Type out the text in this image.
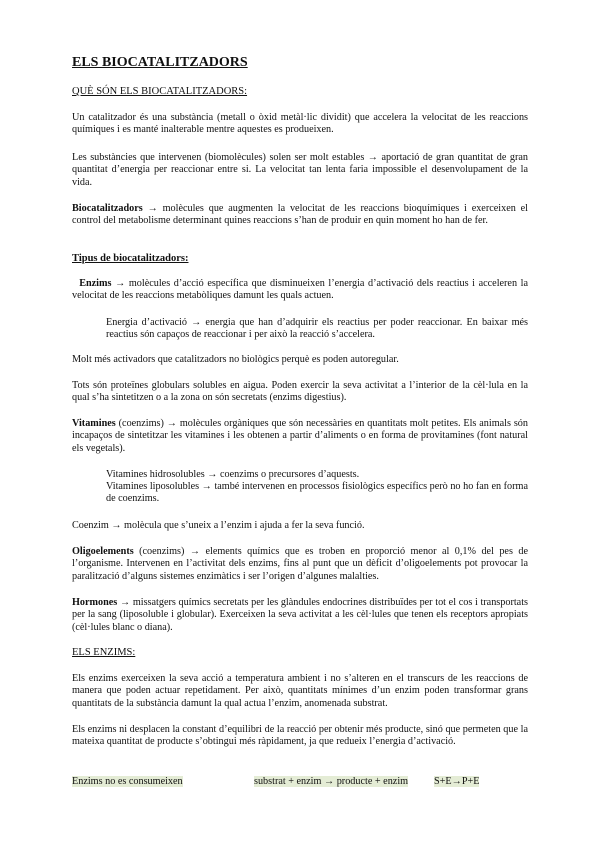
ELS BIOCATALITZADORS
QUÈ SÓN ELS BIOCATALITZADORS:
Un catalitzador és una substància (metall o òxid metàl·lic dividit) que accelera la velocitat de les reaccions químiques i es manté inalterable mentre aquestes es produeixen.
Les substàncies que intervenen (biomolècules) solen ser molt estables → aportació de gran quantitat de gran quantitat d’energia per reaccionar entre si. La velocitat tan lenta faria impossible el desenvolupament de la vida.
Biocatalitzadors → molècules que augmenten la velocitat de les reaccions bioquímiques i exerceixen el control del metabolisme determinant quines reaccions s’han de produir en quin moment ho han de fer.
Tipus de biocatalitzadors:
Enzims → molècules d’acció específica que disminueixen l’energia d’activació dels reactius i acceleren la velocitat de les reaccions metabòliques damunt les quals actuen.
Energia d’activació → energia que han d’adquirir els reactius per poder reaccionar. En baixar més reactius són capaços de reaccionar i per això la reacció s’accelera.
Molt més activadors que catalitzadors no biològics perquè es poden autoregular.
Tots són proteïnes globulars solubles en aigua. Poden exercir la seva activitat a l’interior de la cèl·lula en la qual s’ha sintetitzen o a la zona on són secretats (enzims digestius).
Vitamines (coenzims) → molècules orgàniques que són necessàries en quantitats molt petites. Els animals són incapaços de sintetitzar les vitamines i les obtenen a partir d’aliments o en forma de provitamines (font natural els vegetals).
Vitamines hidrosolubles → coenzims o precursores d’aquests.
Vitamines liposolubles → també intervenen en processos fisiològics específics però no ho fan en forma de coenzims.
Coenzim → molècula que s’uneix a l’enzim i ajuda a fer la seva funció.
Oligoelements (coenzims) → elements químics que es troben en proporció menor al 0,1% del pes de l’organisme. Intervenen en l’activitat dels enzims, fins al punt que un dèficit d’oligoelements pot provocar la paralització d’alguns sistemes enzimàtics i ser l’origen d’algunes malalties.
Hormones → missatgers químics secretats per les glàndules endocrines distribuïdes per tot el cos i transportats per la sang (liposoluble i globular). Exerceixen la seva activitat a les cèl·lules que tenen els receptors apropiats (cèl·lules blanc o diana).
ELS ENZIMS:
Els enzims exerceixen la seva acció a temperatura ambient i no s’alteren en el transcurs de les reaccions de manera que poden actuar repetidament. Per això, quantitats mínimes d’un enzim poden transformar grans quantitats de la substància damunt la qual actua l’enzim, anomenada substrat.
Els enzims ni desplacen la constant d’equilibri de la reacció per obtenir més producte, sinó que permeten que la mateixa quantitat de producte s’obtingui més ràpidament, ja que redueix l’energia d’activació.
Enzims no es consumeixen	substrat + enzim → producte + enzim	S+E→P+E
